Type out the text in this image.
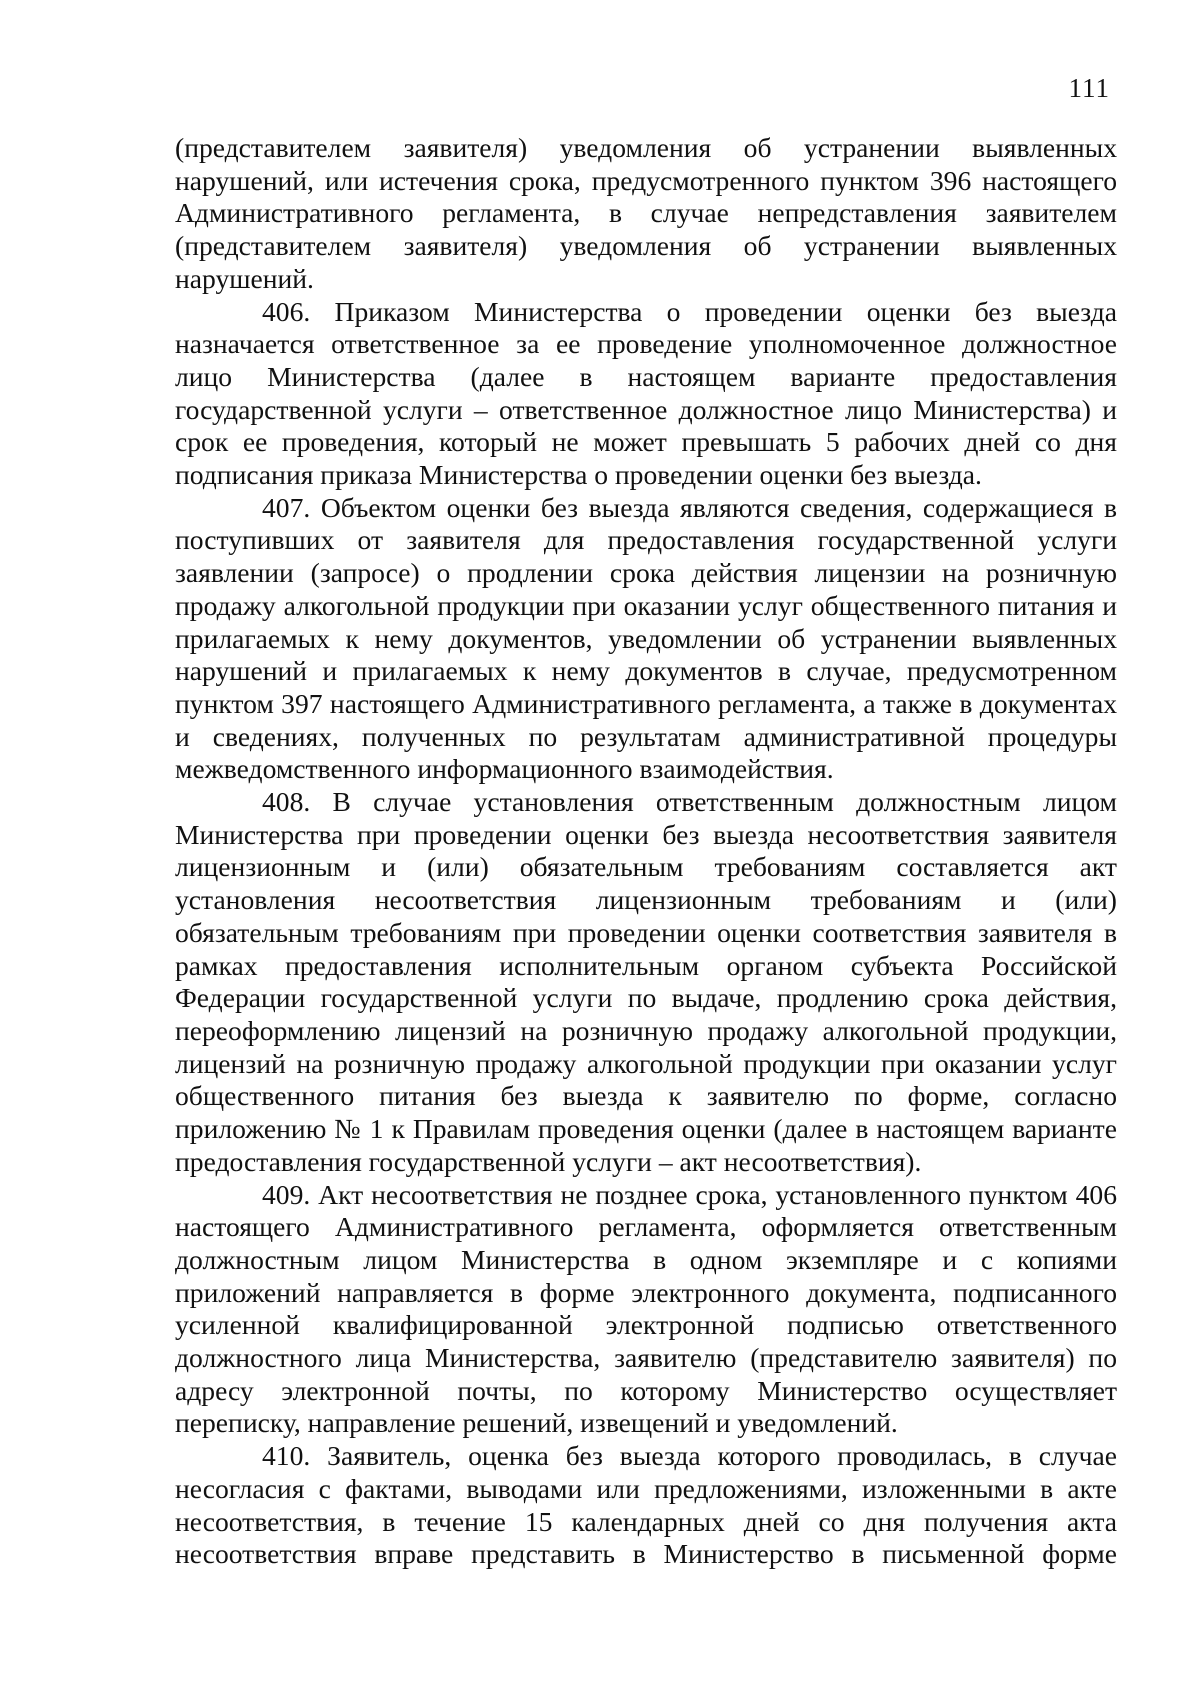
111

(представителем заявителя) уведомления об устранении выявленных нарушений, или истечения срока, предусмотренного пунктом 396 настоящего Административного регламента, в случае непредставления заявителем (представителем заявителя) уведомления об устранении выявленных нарушений.

406. Приказом Министерства о проведении оценки без выезда назначается ответственное за ее проведение уполномоченное должностное лицо Министерства (далее в настоящем варианте предоставления государственной услуги – ответственное должностное лицо Министерства) и срок ее проведения, который не может превышать 5 рабочих дней со дня подписания приказа Министерства о проведении оценки без выезда.

407. Объектом оценки без выезда являются сведения, содержащиеся в поступивших от заявителя для предоставления государственной услуги заявлении (запросе) о продлении срока действия лицензии на розничную продажу алкогольной продукции при оказании услуг общественного питания и прилагаемых к нему документов, уведомлении об устранении выявленных нарушений и прилагаемых к нему документов в случае, предусмотренном пунктом 397 настоящего Административного регламента, а также в документах и сведениях, полученных по результатам административной процедуры межведомственного информационного взаимодействия.

408. В случае установления ответственным должностным лицом Министерства при проведении оценки без выезда несоответствия заявителя лицензионным и (или) обязательным требованиям составляется акт установления несоответствия лицензионным требованиям и (или) обязательным требованиям при проведении оценки соответствия заявителя в рамках предоставления исполнительным органом субъекта Российской Федерации государственной услуги по выдаче, продлению срока действия, переоформлению лицензий на розничную продажу алкогольной продукции, лицензий на розничную продажу алкогольной продукции при оказании услуг общественного питания без выезда к заявителю по форме, согласно приложению № 1 к Правилам проведения оценки (далее в настоящем варианте предоставления государственной услуги – акт несоответствия).

409. Акт несоответствия не позднее срока, установленного пунктом 406 настоящего Административного регламента, оформляется ответственным должностным лицом Министерства в одном экземпляре и с копиями приложений направляется в форме электронного документа, подписанного усиленной квалифицированной электронной подписью ответственного должностного лица Министерства, заявителю (представителю заявителя) по адресу электронной почты, по которому Министерство осуществляет переписку, направление решений, извещений и уведомлений.

410. Заявитель, оценка без выезда которого проводилась, в случае несогласия с фактами, выводами или предложениями, изложенными в акте несоответствия, в течение 15 календарных дней со дня получения акта несоответствия вправе представить в Министерство в письменной форме
